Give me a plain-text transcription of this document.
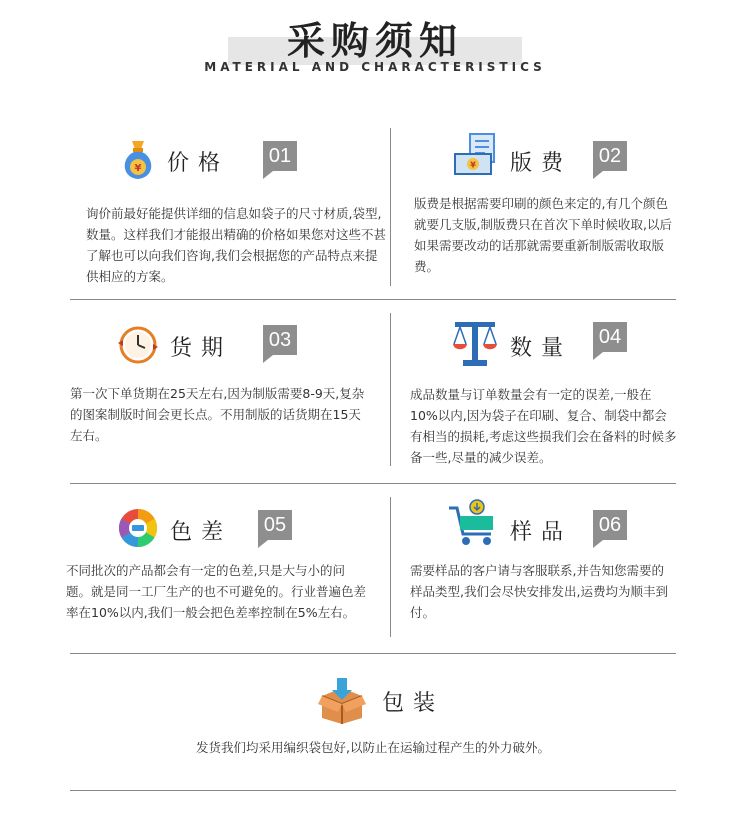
采购须知
MATERIAL AND CHARACTERISTICS
¥ 价格 01
询价前最好能提供详细的信息如袋子的尺寸材质,袋型,数量。这样我们才能报出精确的价格如果您对这些不甚了解也可以向我们咨询,我们会根据您的产品特点来提供相应的方案。
¥ 版费 02
版费是根据需要印刷的颜色来定的,有几个颜色就要几支版,制版费只在首次下单时候收取,以后如果需要改动的话那就需要重新制版需收取版费。
货期 03
第一次下单货期在25天左右,因为制版需要8-9天,复杂的图案制版时间会更长点。不用制版的话货期在15天左右。
数量 04
成品数量与订单数量会有一定的误差,一般在10%以内,因为袋子在印刷、复合、制袋中都会有相当的损耗,考虑这些损我们会在备料的时候多备一些,尽量的减少误差。
色差 05
不同批次的产品都会有一定的色差,只是大与小的问题。就是同一工厂生产的也不可避免的。行业普遍色差率在10%以内,我们一般会把色差率控制在5%左右。
样品 06
需要样品的客户请与客服联系,并告知您需要的样品类型,我们会尽快安排发出,运费均为顺丰到付。
包装
发货我们均采用编织袋包好,以防止在运输过程产生的外力破外。
